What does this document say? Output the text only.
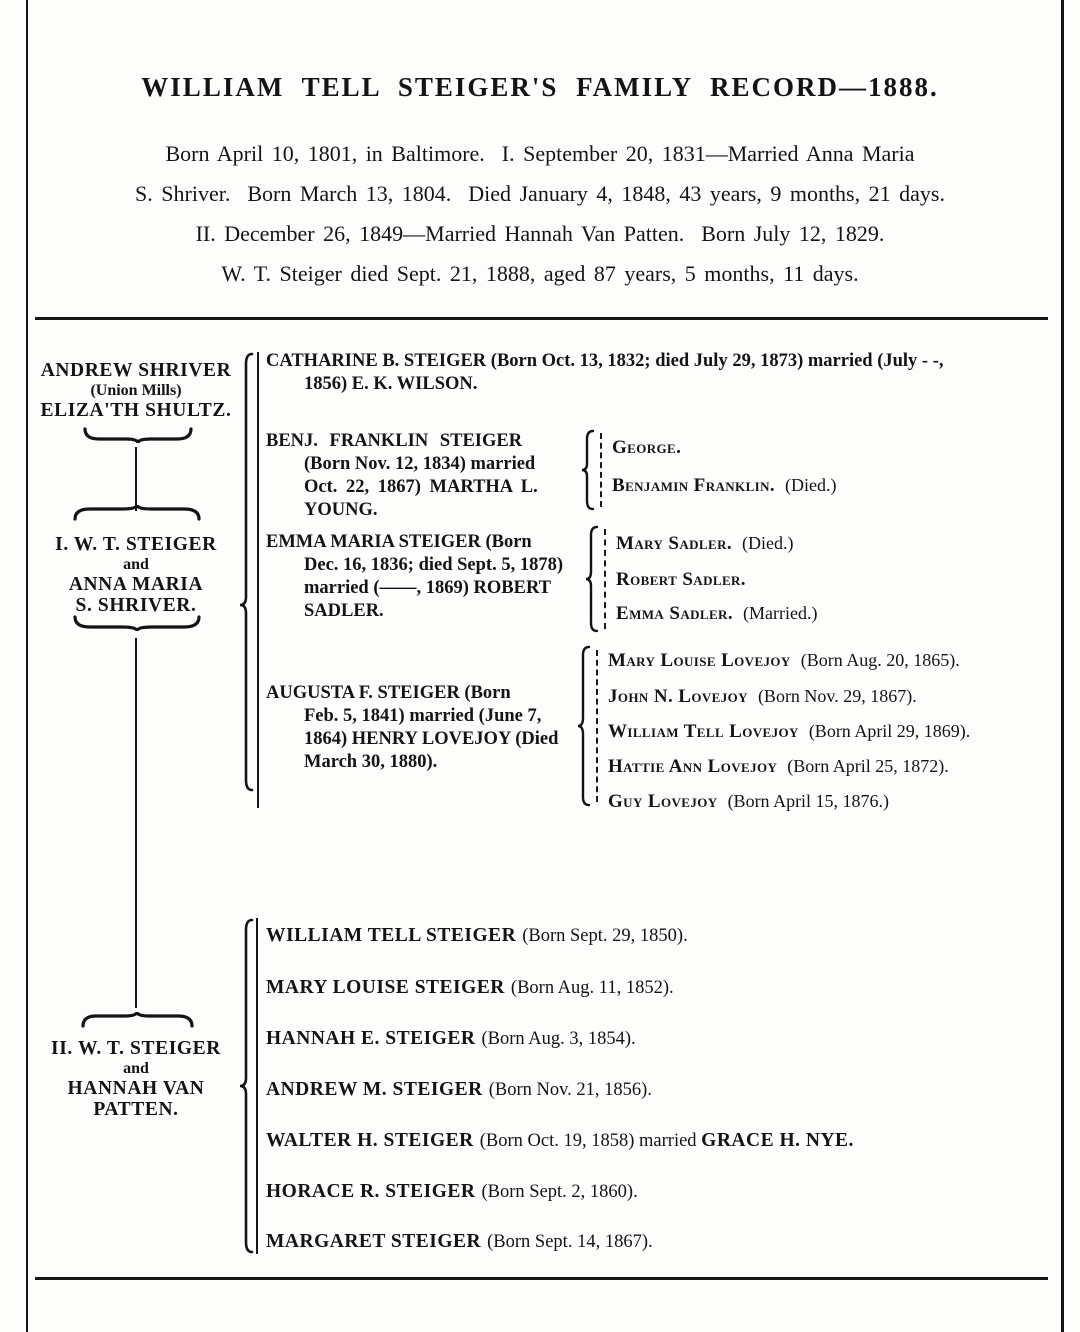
WILLIAM TELL STEIGER'S FAMILY RECORD—1888.
Born April 10, 1801, in Baltimore.  I. September 20, 1831—Married Anna Maria
S. Shriver.  Born March 13, 1804.  Died January 4, 1848, 43 years, 9 months, 21 days.
II. December 26, 1849—Married Hannah Van Patten.  Born July 12, 1829.
W. T. Steiger died Sept. 21, 1888, aged 87 years, 5 months, 11 days.
ANDREW SHRIVER
(Union Mills)
ELIZA'TH SHULTZ.
I. W. T. STEIGER
and
ANNA MARIA
S. SHRIVER.
II. W. T. STEIGER
and
HANNAH VAN
PATTEN.
CATHARINE B. STEIGER (Born Oct. 13, 1832; died July 29, 1873) married (July - -,
1856) E. K. WILSON.
BENJ. FRANKLIN STEIGER
(Born Nov. 12, 1834) married
Oct. 22, 1867) MARTHA L.
YOUNG.
George.
Benjamin Franklin. (Died.)
EMMA MARIA STEIGER (Born
Dec. 16, 1836; died Sept. 5, 1878)
married (——, 1869) ROBERT
SADLER.
Mary Sadler. (Died.)
Robert Sadler.
Emma Sadler. (Married.)
AUGUSTA F. STEIGER (Born
Feb. 5, 1841) married (June 7,
1864) HENRY LOVEJOY (Died
March 30, 1880).
Mary Louise Lovejoy (Born Aug. 20, 1865).
John N. Lovejoy (Born Nov. 29, 1867).
William Tell Lovejoy (Born April 29, 1869).
Hattie Ann Lovejoy (Born April 25, 1872).
Guy Lovejoy (Born April 15, 1876.)
WILLIAM TELL STEIGER (Born Sept. 29, 1850).
MARY LOUISE STEIGER (Born Aug. 11, 1852).
HANNAH E. STEIGER (Born Aug. 3, 1854).
ANDREW M. STEIGER (Born Nov. 21, 1856).
WALTER H. STEIGER (Born Oct. 19, 1858) married GRACE H. NYE.
HORACE R. STEIGER (Born Sept. 2, 1860).
MARGARET STEIGER (Born Sept. 14, 1867).
